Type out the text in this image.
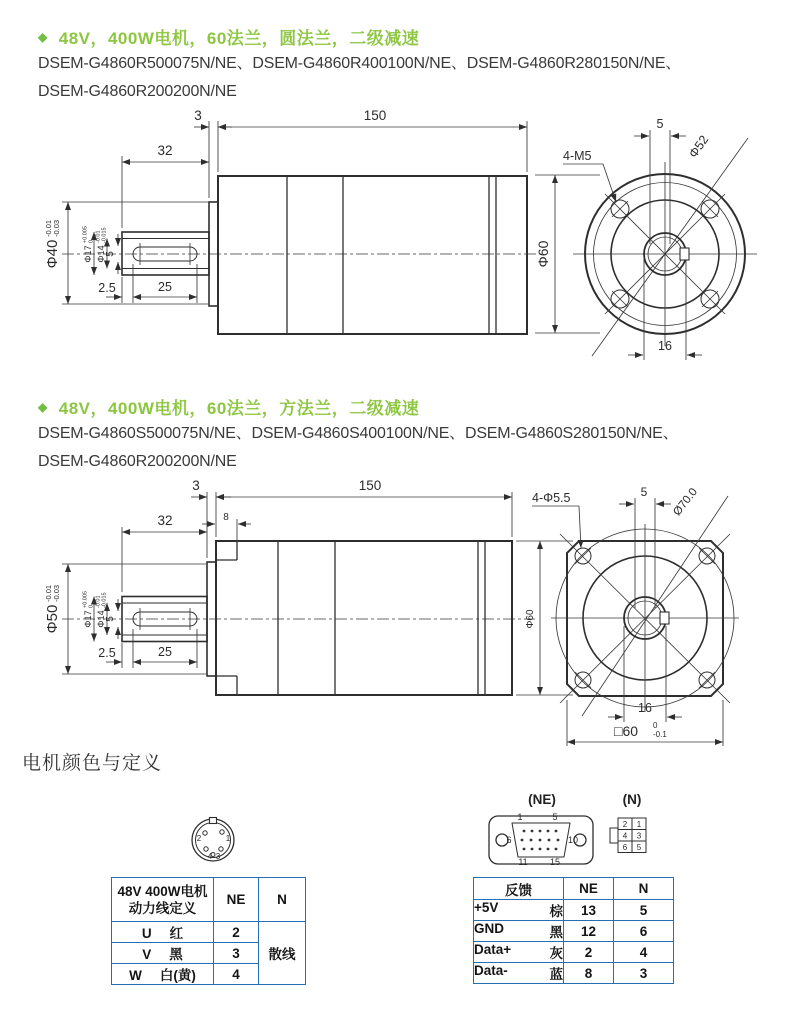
◆ 48V，400W电机，60法兰，圆法兰，二级减速
DSEM-G4860R500075N/NE、DSEM-G4860R400100N/NE、DSEM-G4860R280150N/NE、
DSEM-G4860R200200N/NE
3	150
32
Φ40
-0.01 -0.03
Φ17
+0.005 0
Φ14
-0.01 -0.015
5
2.5	25
Φ60
4-M5	Φ52
5
16
◆ 48V，400W电机，60法兰，方法兰，二级减速
DSEM-G4860S500075N/NE、DSEM-G4860S400100N/NE、DSEM-G4860S280150N/NE、
DSEM-G4860R200200N/NE
3	150
8
32
Φ50
-0.01 -0.03
Φ17
+0.005 0
Φ14
-0.01 -0.015
5
2.5	25
Φ60
4-Φ5.5	Ø70.0
5
16
□60 0
-0.1
电机颜色与定义
2	1
4 3
(NE)
1	5
6	10
11 15
(N)
2 1
4 3
6 5
48V 400W电机
动力线定义	NE	N
U 红	2	散线
V 黑	3	
W 白(黄)	4	
反馈	NE	N
+5V 棕	13	5
GND 黑	12	6
Data+ 灰	2	4
Data- 蓝	8	3
